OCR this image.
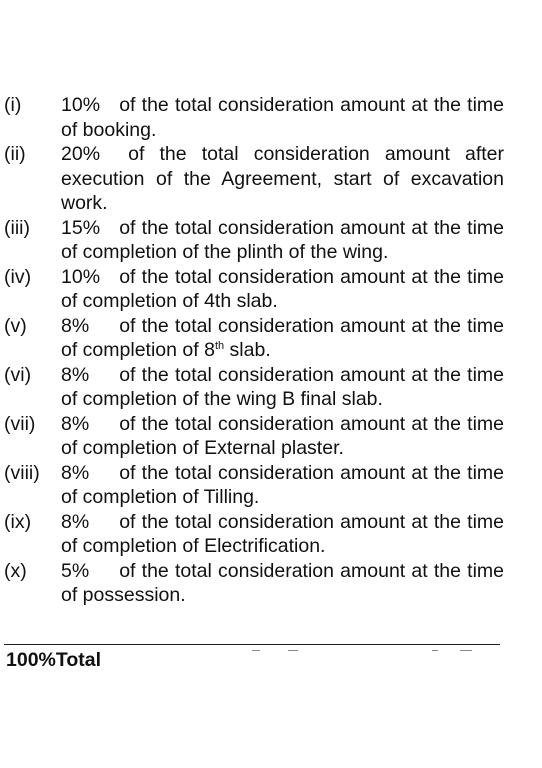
(i)	10% of the total consideration amount at the time of booking.
(ii)	20% of the total consideration amount after execution of the Agreement, start of excavation work.
(iii)	15% of the total consideration amount at the time of completion of the plinth of the wing.
(iv)	10% of the total consideration amount at the time of completion of 4th slab.
(v)	8% of the total consideration amount at the time of completion of 8th slab.
(vi)	8% of the total consideration amount at the time of completion of the wing B final slab.
(vii)	8% of the total consideration amount at the time of completion of External plaster.
(viii)	8% of the total consideration amount at the time of completion of Tilling.
(ix)	8% of the total consideration amount at the time of completion of Electrification.
(x)	5% of the total consideration amount at the time of possession.
100%Total
